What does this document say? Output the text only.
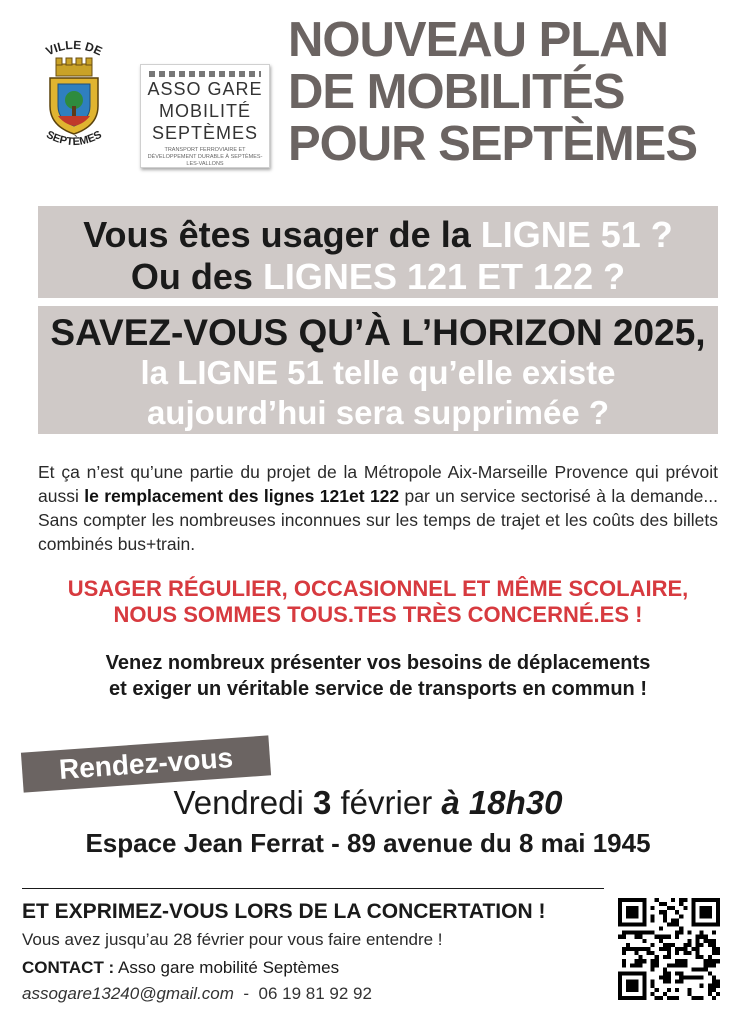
VILLE DE
SEPTÈMES
ASSO GARE
MOBILITÉ
SEPTÈMES
TRANSPORT FERROVIAIRE ET DÉVELOPPEMENT DURABLE À SEPTÈMES-LES-VALLONS
NOUVEAU PLAN
DE MOBILITÉS
POUR SEPTÈMES
Vous êtes usager de la LIGNE 51 ?
Ou des LIGNES 121 ET 122 ?
SAVEZ-VOUS QU’À L’HORIZON 2025,
la LIGNE 51 telle qu’elle existe
aujourd’hui sera supprimée ?
Et ça n’est qu’une partie du projet de la Métropole Aix-Marseille Provence qui prévoit aussi le remplacement des lignes 121et 122 par un service sectorisé à la demande... Sans compter les nombreuses inconnues sur les temps de trajet et les coûts des billets combinés bus+train.
USAGER RÉGULIER, OCCASIONNEL ET MÊME SCOLAIRE,
NOUS SOMMES TOUS.TES TRÈS CONCERNÉ.ES !
Venez nombreux présenter vos besoins de déplacements
et exiger un véritable service de transports en commun !
Rendez-vous
Vendredi 3 février à 18h30
Espace Jean Ferrat - 89 avenue du 8 mai 1945
ET EXPRIMEZ-VOUS LORS DE LA CONCERTATION !
Vous avez jusqu’au 28 février pour vous faire entendre !
CONTACT : Asso gare mobilité Septèmes
assogare13240@gmail.com  -  06 19 81 92 92
